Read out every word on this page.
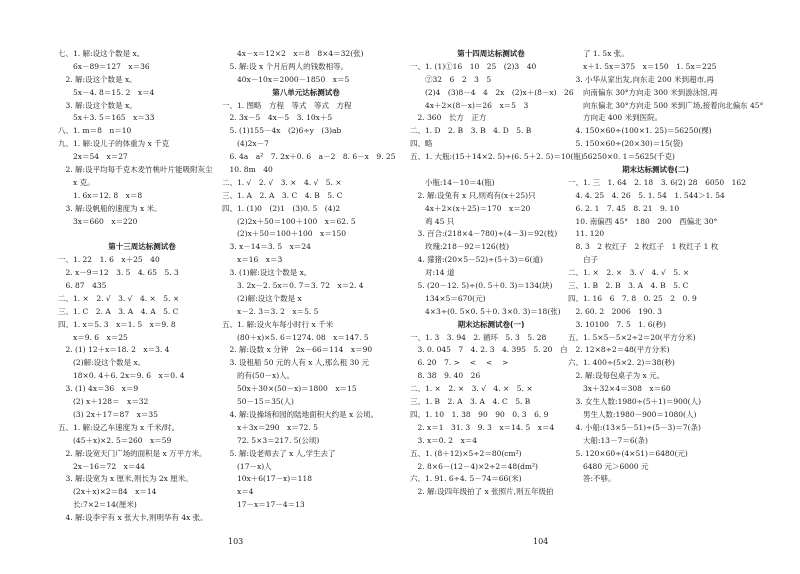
七、1. 解:设这个数是 x。
　　6x－89＝127　x＝36
　2. 解:设这个数是 x。
　　5x－4. 8＝15. 2　x＝4
　3. 解:设这个数是 x。
　　5x＋3. 5＝165　x＝33
八、1. m＝8　n＝10
九、1. 解:设儿子的体重为 x 千克
　　2x＝54　x＝27
　2. 解:设平均每千克木麦竹桃叶片能吸附灰尘
　　x 克。
　　1. 6x＝12. 8　x＝8
　3. 解:设帆船的速度为 x 米。
　　3x＝660　x＝220
第十三周达标测试卷
一、1. 22　1. 6　x＋25　40
　2. x－9＝12　3. 5　4. 65　5. 3
　6. 87　435
二、1. ×　2. √　3. √　4. ×　5. ×
三、1. C　2. A　3. A　4. A　5. C
四、1. x＝5. 3　x＝1. 5　x＝9. 8
　　x＝9. 6　x＝25
　2. (1) 12＋x＝18. 2　x＝3. 4
　　(2)解:设这个数是 x。
　　18×0. 4＋6. 2x＝9. 6　x＝0. 4
　3. (1) 4x＝36　x＝9
　　(2) x＋128＝　x＝32
　　(3) 2x＋17＝87　x＝35
五、1. 解:设乙车速度为 x 千米/时。
　　(45＋x)×2. 5＝260　x＝59
　2. 解:设宽天门广场的面积是 x 万平方米。
　　2x－16＝72　x＝44
　3. 解:设宽为 x 厘米,则长为 2x 厘米。
　　(2x＋x)×2＝84　x＝14
　　长:7×2＝14(厘米)
　4. 解:设李宇有 x 张大卡,则明华有 4x 张。
　　4x－x＝12×2　x＝8　8×4＝32(张)
　5. 解:设 x 个月后两人的钱数相等。
　　40x－10x＝2000－1850　x＝5
第八单元达标测试卷
一、1. 图略　方程　等式　等式　方程
　2. 3x－5　4x－5　3. 10x＋5
　5. (1)155－4x　(2)6÷y　(3)ab
　　(4)2x－7
　6. 4a　a²　7. 2x＋0. 6　a－2　8. 6－x　9. 25
　10. 8m　40
二、1. √　2. √　3. ×　4. √　5. ×
三、1. A　2. A　3. C　4. B　5. C
四、1. (1)0　(2)1　(3)0. 5　(4)2
　　(2)2x＋50＝100＋100　x＝62. 5
　　(2)x＋50＝100＋100　x＝150
　3. x－14＝3. 5　x＝24
　　x＝16　x＝3
　3. (1)解:设这个数是 x。
　　3. 2x－2. 5x＝0. 7＝3. 72　x＝2. 4
　　(2)解:设这个数是 x
　　x－2. 3＝3. 2　x＝5. 5
五、1. 解:设火车每小时行 x 千米
　　(80＋x)×5. 6＝1274. 08　x＝147. 5
　2. 解:设数 x 分钟　2x－66＝114　x＝90
　3. 设租船 50 元的人有 x 人,那么租 30 元
　　的有(50－x)人。
　　50x＋30×(50－x)＝1800　x＝15
　　50－15＝35(人)
　4. 解:设操场和园的陆地面积大约是 x 公顷。
　　x＋3x＝290　x＝72. 5
　　72. 5×3＝217. 5(公顷)
　5. 解:设老师去了 x 人,学生去了
　　(17－x)人
　　10x＋6(17－x)＝118
　　x＝4
　　17－x＝17－4＝13
第十四周达标测试卷
一、1. (1)①16　10　25　(2)3　40
　　②32　6　2　3　5
　　(2)4　(3)8－4　4　2x　(2)x＋(8－x)　26
　　4x＋2×(8－x)＝26　x＝5　3
　2. 360　长方　正方
二、1. D　2. B　3. B　4. D　5. B
四、略
五、1. 大瓶:(15＋14×2. 5)÷(6. 5＋2. 5)＝10(瓶)
　　小瓶:14－10＝4(瓶)
　2. 解:设兔有 x 只,则鸡有(x＋25)只
　　4x＋2×(x＋25)＝170　x＝20
　　鸡 45 只
　3. 百合:(218×4－780)÷(4－3)＝92(枝)
　　玫瑰:218－92＝126(枝)
　4. 獴猪:(20×5－52)÷(5＋3)＝6(道)
　　对:14 道
　5. (20－12. 5)÷(0. 5＋0. 3)＝134(块)
　　134×5＝670(元)
　　4×3÷(0. 5×0. 5＋0. 3×0. 3)＝18(张)
期末达标测试卷(一)
一、1. 3　3. 94　2. 循环　5. 3　5. 28
　3. 0. 045　7　4. 2. 3　4. 395　5. 20　白
　6. 20　7. > 　< 　< 　> 　
　8. 38　9. 40　26
二、1. ×　2. ×　3. √　4. ×　5. ×
三、1. B　2. A　3. A　4. C　5. B
四、1. 10　1. 38　90　90　0. 3　6. 9
　2. x＝1　31. 3　9. 3　x＝14. 5　x＝4
　3. x＝0. 2　x＝4
五、1. (8＋12)×5÷2＝80(cm²)
　2. 8×6－(12－4)×2÷2＝48(dm²)
六、1. 91. 6÷4. 5－74＝66(米)
　2. 解:设四年级拍了 x 张照片,则五年级拍
　　了 1. 5x 张。
　　x＋1. 5x＝375　x＝150　1. 5x＝225
　3. 小华从家出发,向东走 200 米到超市,再
　　向南偏东 30°方向走 300 米到游泳馆,再
　　向东偏北 30°方向走 500 米到广场,接着向北偏东 45°
　　方向走 400 米到医院。
　4. 150×60÷(100×1. 25)＝56250(棵)
　5. 150×60÷(20×30)＝15(袋)
　　56250×0. 1＝5625(千克)
期末达标测试卷(二)
一、1. 三　1. 64　2. 18　3. 6(2) 28　6050　162
　4. 4. 25　4. 26　5. 1. 54̇　1. 54̇4＞1. 54
　6. 2. 1　7. 45　8. 21　9. 10
　10. 南偏西 45°　180　200　西偏北 30°
　11. 120
　8. 3　2 枚红子　2 枚红子　1 枚红子 1 枚
　　白子
二、1. ×　2. ×　3. √　4. √　5. ×
三、1. B　2. B　3. A　4. B　5. C
四、1. 16　6　7. 8　0. 25　2　0. 9
　2. 60. 2　2006　190. 3
　3. 10100　7. 5　1. 6(秒)
五、1. 5×5－5×2÷2＝20(平方分米)
　2. 12×8÷2＝48(平方分米)
六、1. 400÷(5×2. 2)＝38(秒)
　2. 解:设每包桌子为 x 元。
　　3x＋32×4＝308　x＝60
　3. 女生人数:1980÷(5＋1)＝900(人)
　　男生人数:1980－900＝1080(人)
　4. 小船:(13×5－51)÷(5－3)＝7(条)
　　大船:13－7＝6(条)
　5. 120×60÷(4×51)＝6480(元)
　　6480 元＞6000 元
　　答:不够。
103	104
